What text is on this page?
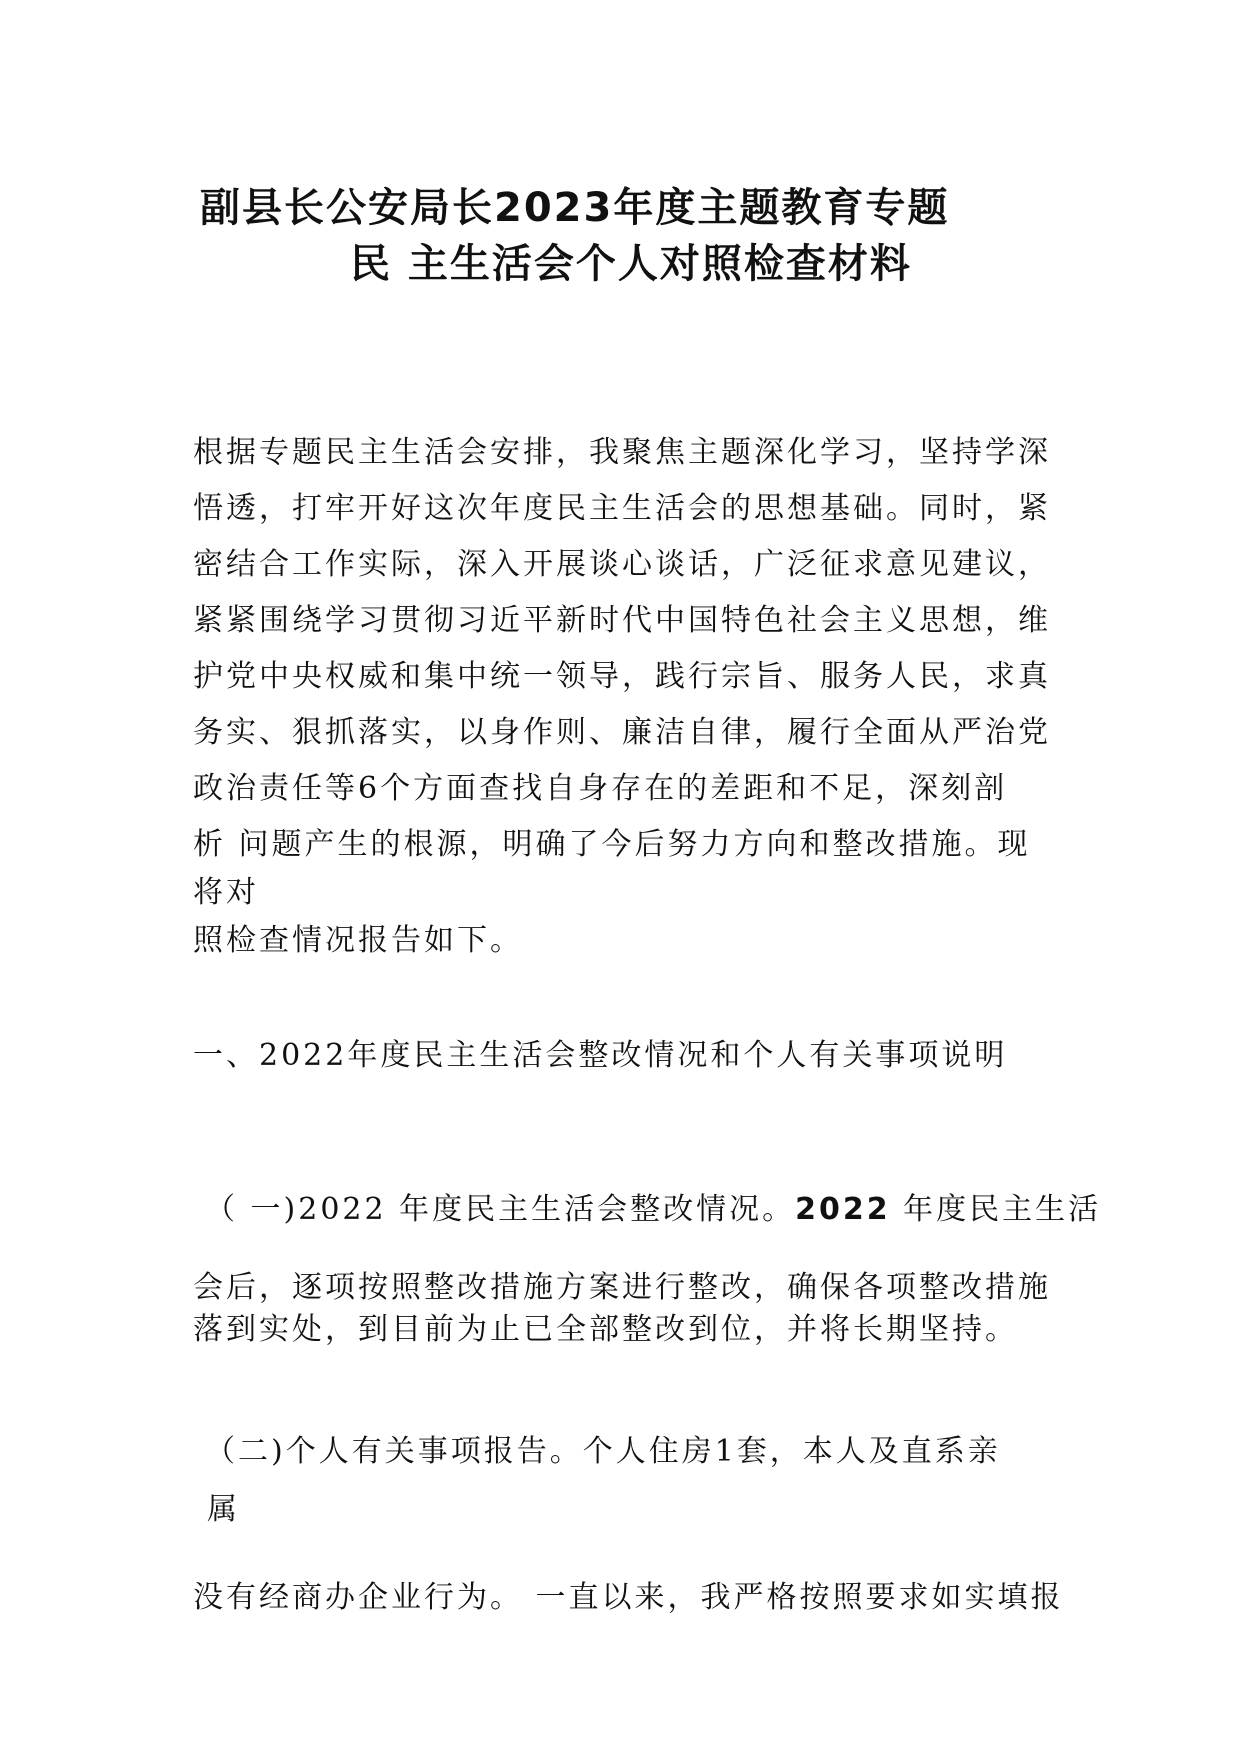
副县长公安局长2023年度主题教育专题
民 主生活会个人对照检查材料

根据专题民主生活会安排，我聚焦主题深化学习，坚持学深

悟透，打牢开好这次年度民主生活会的思想基础。同时，紧

密结合工作实际，深入开展谈心谈话，广泛征求意见建议，

紧紧围绕学习贯彻习近平新时代中国特色社会主义思想，维

护党中央权威和集中统一领导，践行宗旨、服务人民，求真

务实、狠抓落实，以身作则、廉洁自律，履行全面从严治党

政治责任等6个方面查找自身存在的差距和不足，深刻剖

析 问题产生的根源，明确了今后努力方向和整改措施。现

将对

照检查情况报告如下。

一、2022年度民主生活会整改情况和个人有关事项说明

（ 一)2022 年度民主生活会整改情况。2022 年度民主生活

会后，逐项按照整改措施方案进行整改，确保各项整改措施

落到实处，到目前为止已全部整改到位，并将长期坚持。

（二)个人有关事项报告。个人住房1套，本人及直系亲

属

没有经商办企业行为。 一直以来，我严格按照要求如实填报
